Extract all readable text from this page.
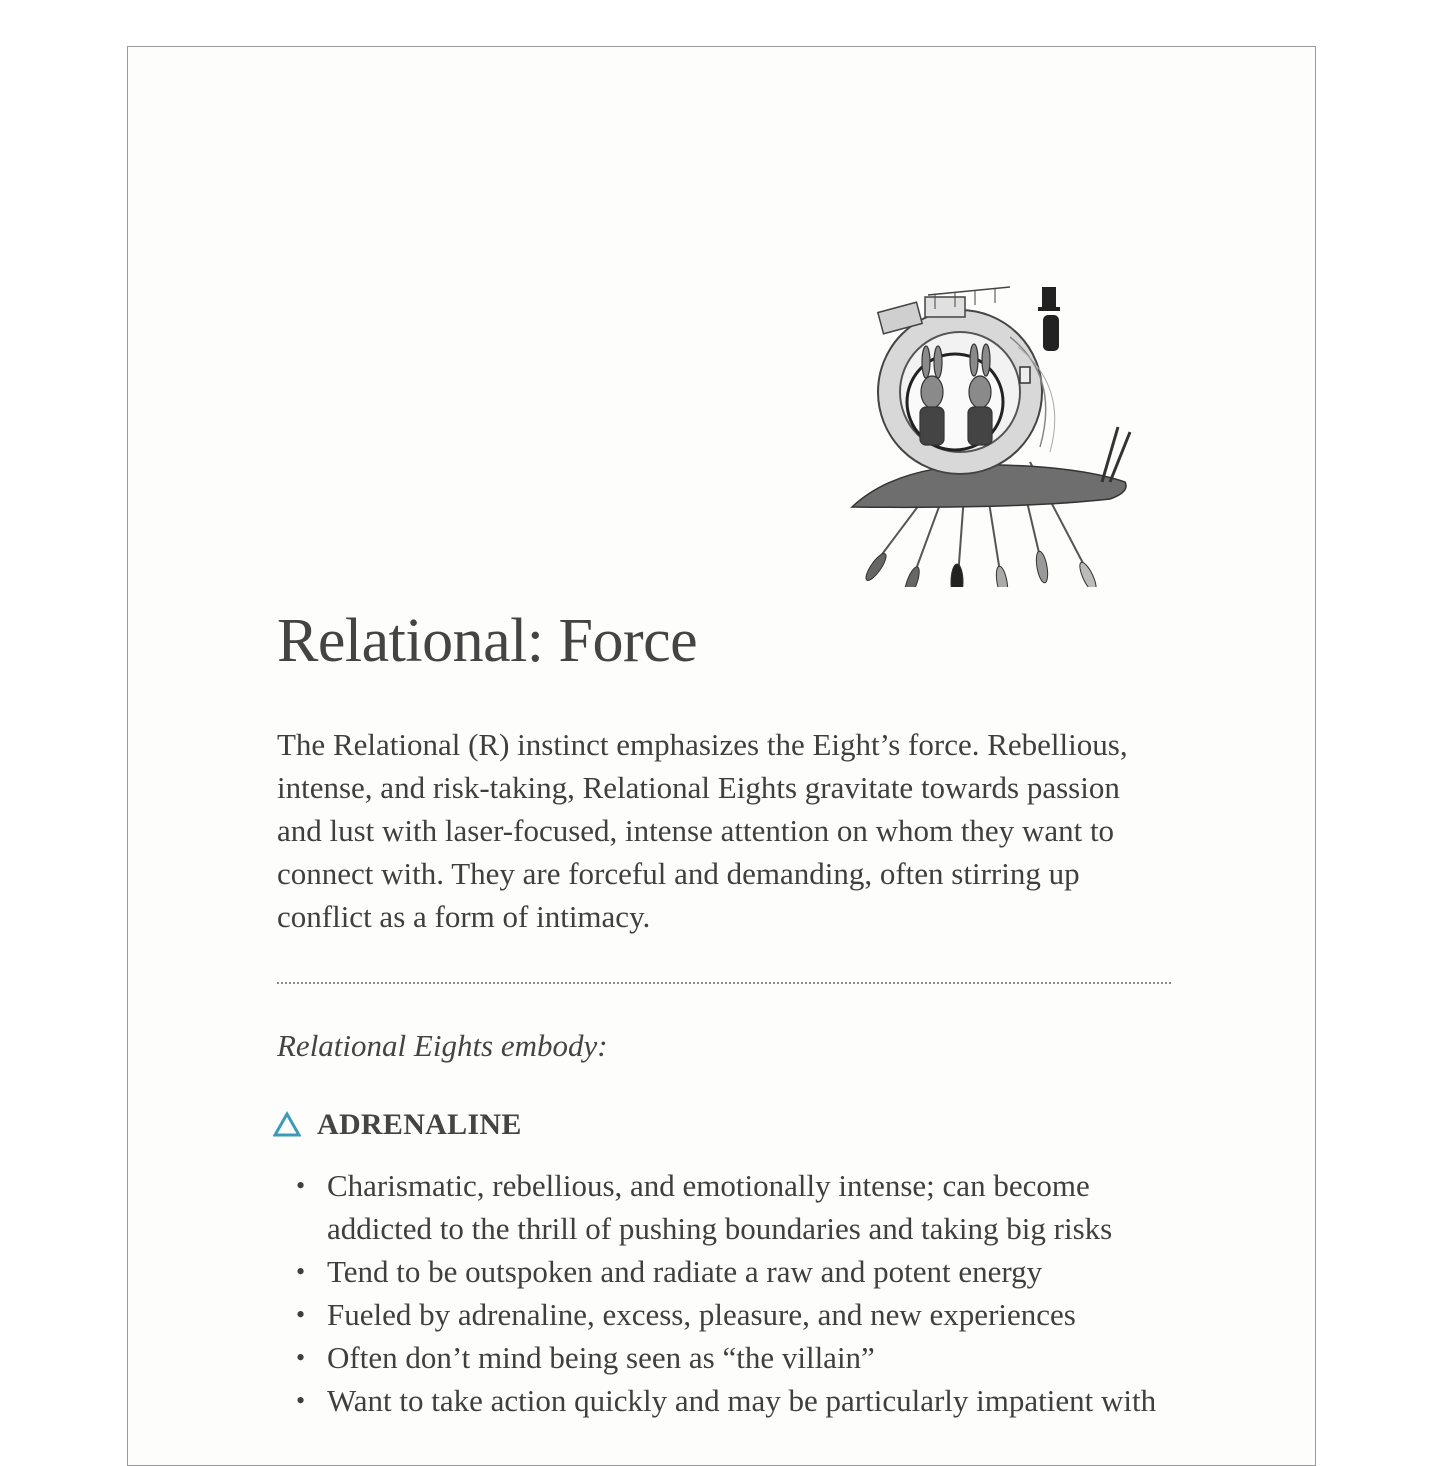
Relational: Force

The Relational (R) instinct emphasizes the Eight’s force. Rebellious, intense, and risk-taking, Relational Eights gravitate towards passion and lust with laser-focused, intense attention on whom they want to connect with. They are forceful and demanding, often stirring up conflict as a form of intimacy.

Relational Eights embody:

ADRENALINE
• Charismatic, rebellious, and emotionally intense; can become addicted to the thrill of pushing boundaries and taking big risks
• Tend to be outspoken and radiate a raw and potent energy
• Fueled by adrenaline, excess, pleasure, and new experiences
• Often don’t mind being seen as “the villain”
• Want to take action quickly and may be particularly impatient with
